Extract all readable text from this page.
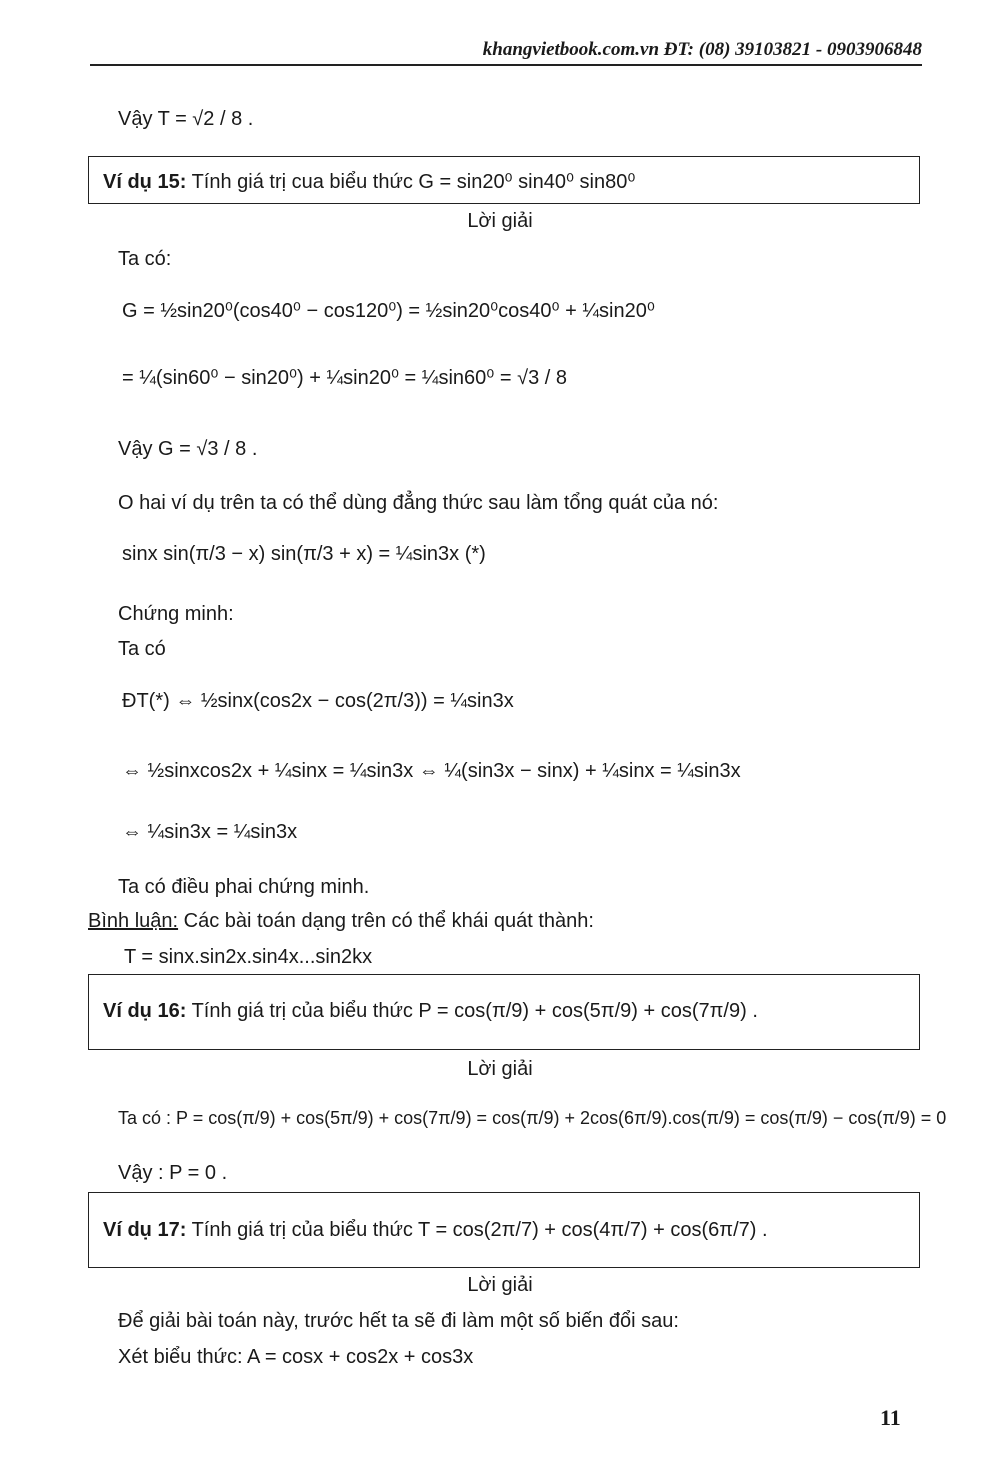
khangvietbook.com.vn ĐT: (08) 39103821 - 0903906848
Vậy T = √2 / 8 .
Ví dụ 15: Tính giá trị cua biểu thức G = sin20⁰ sin40⁰ sin80⁰
Lời giải
Ta có:
G = ½sin20⁰(cos40⁰ − cos120⁰) = ½sin20⁰cos40⁰ + ¼sin20⁰
= ¼(sin60⁰ − sin20⁰) + ¼sin20⁰ = ¼sin60⁰ = √3 / 8
Vậy G = √3 / 8 .
O hai ví dụ trên ta có thể dùng đẳng thức sau làm tổng quát của nó:
sinx sin(π/3 − x) sin(π/3 + x) = ¼sin3x (*)
Chứng minh:
Ta có
ĐT(*) ⇔ ½sinx(cos2x − cos(2π/3)) = ¼sin3x
⇔ ½sinxcos2x + ¼sinx = ¼sin3x ⇔ ¼(sin3x − sinx) + ¼sinx = ¼sin3x
⇔ ¼sin3x = ¼sin3x
Ta có điều phai chứng minh.
Bình luận: Các bài toán dạng trên có thể khái quát thành:
T = sinx.sin2x.sin4x...sin2kx
Ví dụ 16: Tính giá trị của biểu thức P = cos(π/9) + cos(5π/9) + cos(7π/9) .
Lời giải
Ta có : P = cos(π/9) + cos(5π/9) + cos(7π/9) = cos(π/9) + 2cos(6π/9).cos(π/9) = cos(π/9) − cos(π/9) = 0
Vậy : P = 0 .
Ví dụ 17: Tính giá trị của biểu thức T = cos(2π/7) + cos(4π/7) + cos(6π/7) .
Lời giải
Để giải bài toán này, trước hết ta sẽ đi làm một số biến đổi sau:
Xét biểu thức: A = cosx + cos2x + cos3x
11
